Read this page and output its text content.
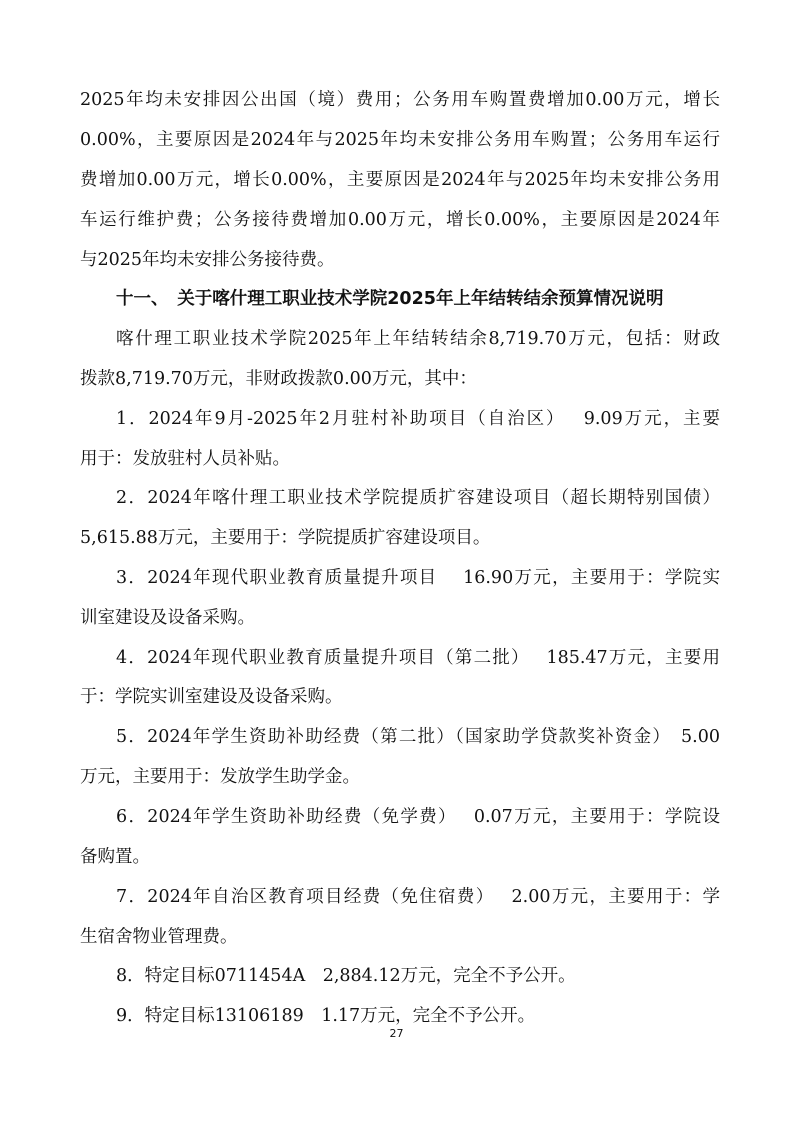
2025年均未安排因公出国（境）费用；公务用车购置费增加0.00万元，增长
0.00%，主要原因是2024年与2025年均未安排公务用车购置；公务用车运行
费增加0.00万元，增长0.00%，主要原因是2024年与2025年均未安排公务用
车运行维护费；公务接待费增加0.00万元，增长0.00%，主要原因是2024年
与2025年均未安排公务接待费。
十一、　关于喀什理工职业技术学院2025年上年结转结余预算情况说明
喀什理工职业技术学院2025年上年结转结余8,719.70万元，包括：财政
拨款8,719.70万元，非财政拨款0.00万元，其中：
1．2024年9月-2025年2月驻村补助项目（自治区）　 9.09万元，主要
用于：发放驻村人员补贴。
2．2024年喀什理工职业技术学院提质扩容建设项目（超长期特别国债）
5,615.88万元，主要用于：学院提质扩容建设项目。
3．2024年现代职业教育质量提升项目　 16.90万元，主要用于：学院实
训室建设及设备采购。
4．2024年现代职业教育质量提升项目（第二批）　 185.47万元，主要用
于：学院实训室建设及设备采购。
5．2024年学生资助补助经费（第二批）（国家助学贷款奖补资金）　5.00
万元，主要用于：发放学生助学金。
6．2024年学生资助补助经费（免学费）　 0.07万元，主要用于：学院设
备购置。
7．2024年自治区教育项目经费（免住宿费）　 2.00万元，主要用于：学
生宿舍物业管理费。
8．特定目标0711454A　2,884.12万元，完全不予公开。
9．特定目标13106189　1.17万元，完全不予公开。
27
